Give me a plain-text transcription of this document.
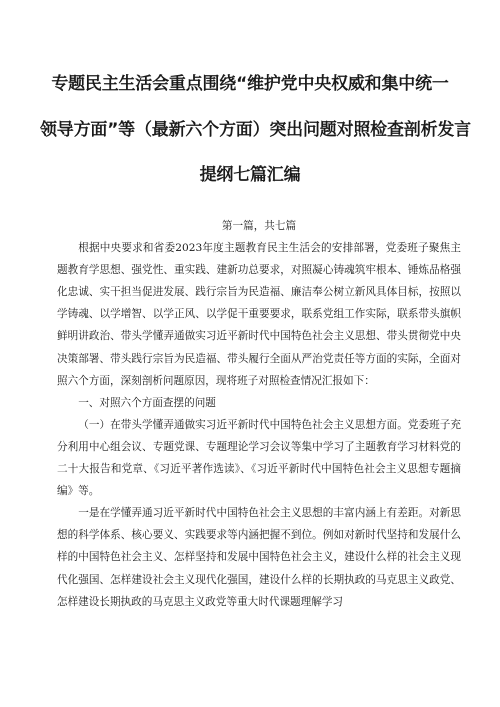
专题民主生活会重点围绕“维护党中央权威和集中统一
领导方面”等（最新六个方面）突出问题对照检查剖析发言
提纲七篇汇编

第一篇，共七篇

根据中央要求和省委2023年度主题教育民主生活会的安排部署，党委班子聚焦主题教育学思想、强党性、重实践、建新功总要求，对照凝心铸魂筑牢根本、锤炼品格强化忠诚、实干担当促进发展、践行宗旨为民造福、廉洁奉公树立新风具体目标，按照以学铸魂、以学增智、以学正风、以学促干重要要求，联系党组工作实际，联系带头旗帜鲜明讲政治、带头学懂弄通做实习近平新时代中国特色社会主义思想、带头贯彻党中央决策部署、带头践行宗旨为民造福、带头履行全面从严治党责任等方面的实际，全面对照六个方面，深刻剖析问题原因，现将班子对照检查情况汇报如下：

一、对照六个方面查摆的问题

（一）在带头学懂弄通做实习近平新时代中国特色社会主义思想方面。党委班子充分利用中心组会议、专题党课、专题理论学习会议等集中学习了主题教育学习材料党的二十大报告和党章、《习近平著作选读》、《习近平新时代中国特色社会主义思想专题摘编》等。

一是在学懂弄通习近平新时代中国特色社会主义思想的丰富内涵上有差距。对新思想的科学体系、核心要义、实践要求等内涵把握不到位。例如对新时代坚持和发展什么样的中国特色社会主义、怎样坚持和发展中国特色社会主义，建设什么样的社会主义现代化强国、怎样建设社会主义现代化强国，建设什么样的长期执政的马克思主义政党、怎样建设长期执政的马克思主义政党等重大时代课题理解学习
